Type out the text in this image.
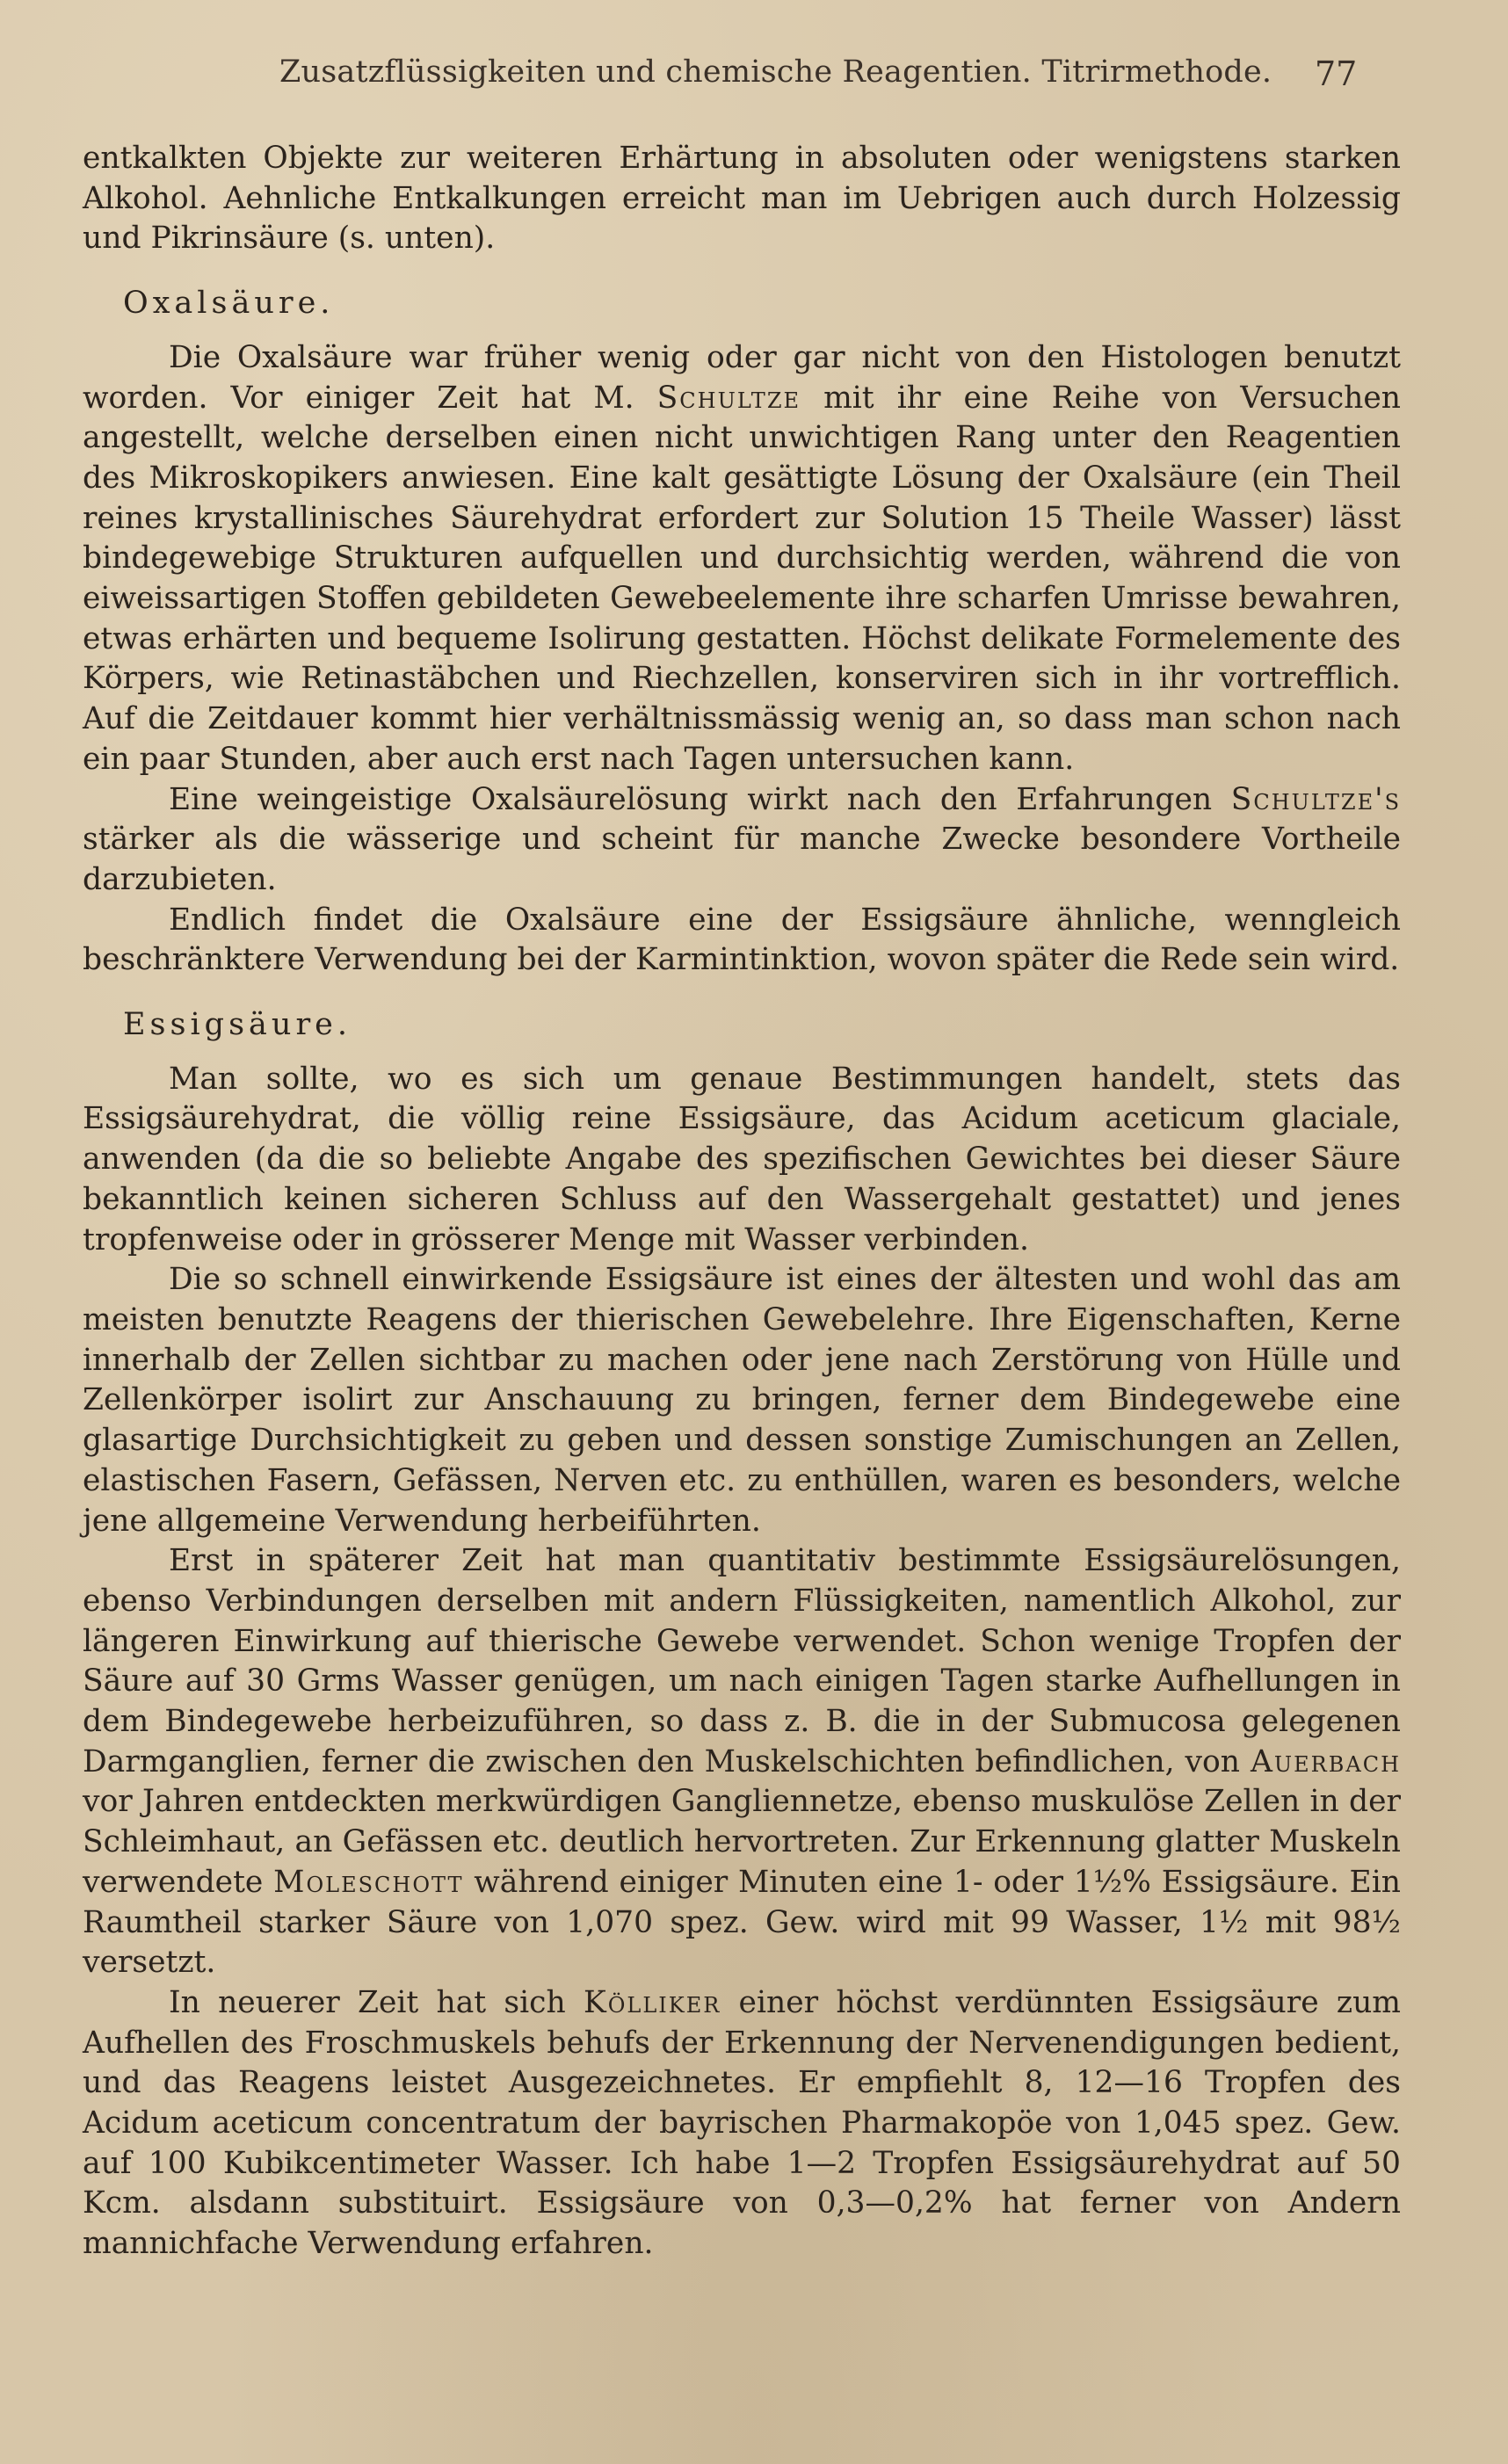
Zusatzflüssigkeiten und chemische Reagentien. Titrirmethode.	77

entkalkten Objekte zur weiteren Erhärtung in absoluten oder wenigstens starken Alkohol. Aehnliche Entkalkungen erreicht man im Uebrigen auch durch Holzessig und Pikrinsäure (s. unten).

Oxalsäure.

Die Oxalsäure war früher wenig oder gar nicht von den Histologen benutzt worden. Vor einiger Zeit hat M. Schultze mit ihr eine Reihe von Versuchen angestellt, welche derselben einen nicht unwichtigen Rang unter den Reagentien des Mikroskopikers anwiesen. Eine kalt gesättigte Lösung der Oxalsäure (ein Theil reines krystallinisches Säurehydrat erfordert zur Solution 15 Theile Wasser) lässt bindegewebige Strukturen aufquellen und durchsichtig werden, während die von eiweissartigen Stoffen gebildeten Gewebeelemente ihre scharfen Umrisse bewahren, etwas erhärten und bequeme Isolirung gestatten. Höchst delikate Formelemente des Körpers, wie Retinastäbchen und Riechzellen, konserviren sich in ihr vortrefflich. Auf die Zeitdauer kommt hier verhältnissmässig wenig an, so dass man schon nach ein paar Stunden, aber auch erst nach Tagen untersuchen kann.

Eine weingeistige Oxalsäurelösung wirkt nach den Erfahrungen Schultze's stärker als die wässerige und scheint für manche Zwecke besondere Vortheile darzubieten.

Endlich findet die Oxalsäure eine der Essigsäure ähnliche, wenngleich beschränktere Verwendung bei der Karmintinktion, wovon später die Rede sein wird.

Essigsäure.

Man sollte, wo es sich um genaue Bestimmungen handelt, stets das Essigsäurehydrat, die völlig reine Essigsäure, das Acidum aceticum glaciale, anwenden (da die so beliebte Angabe des spezifischen Gewichtes bei dieser Säure bekanntlich keinen sicheren Schluss auf den Wassergehalt gestattet) und jenes tropfenweise oder in grösserer Menge mit Wasser verbinden.

Die so schnell einwirkende Essigsäure ist eines der ältesten und wohl das am meisten benutzte Reagens der thierischen Gewebelehre. Ihre Eigenschaften, Kerne innerhalb der Zellen sichtbar zu machen oder jene nach Zerstörung von Hülle und Zellenkörper isolirt zur Anschauung zu bringen, ferner dem Bindegewebe eine glasartige Durchsichtigkeit zu geben und dessen sonstige Zumischungen an Zellen, elastischen Fasern, Gefässen, Nerven etc. zu enthüllen, waren es besonders, welche jene allgemeine Verwendung herbeiführten.

Erst in späterer Zeit hat man quantitativ bestimmte Essigsäurelösungen, ebenso Verbindungen derselben mit andern Flüssigkeiten, namentlich Alkohol, zur längeren Einwirkung auf thierische Gewebe verwendet. Schon wenige Tropfen der Säure auf 30 Grms Wasser genügen, um nach einigen Tagen starke Aufhellungen in dem Bindegewebe herbeizuführen, so dass z. B. die in der Submucosa gelegenen Darmganglien, ferner die zwischen den Muskelschichten befindlichen, von Auerbach vor Jahren entdeckten merkwürdigen Gangliennetze, ebenso muskulöse Zellen in der Schleimhaut, an Gefässen etc. deutlich hervortreten. Zur Erkennung glatter Muskeln verwendete Moleschott während einiger Minuten eine 1- oder 1½% Essigsäure. Ein Raumtheil starker Säure von 1,070 spez. Gew. wird mit 99 Wasser, 1½ mit 98½ versetzt.

In neuerer Zeit hat sich Kölliker einer höchst verdünnten Essigsäure zum Aufhellen des Froschmuskels behufs der Erkennung der Nervenendigungen bedient, und das Reagens leistet Ausgezeichnetes. Er empfiehlt 8, 12—16 Tropfen des Acidum aceticum concentratum der bayrischen Pharmakopöe von 1,045 spez. Gew. auf 100 Kubikcentimeter Wasser. Ich habe 1—2 Tropfen Essigsäurehydrat auf 50 Kcm. alsdann substituirt. Essigsäure von 0,3—0,2% hat ferner von Andern mannichfache Verwendung erfahren.
